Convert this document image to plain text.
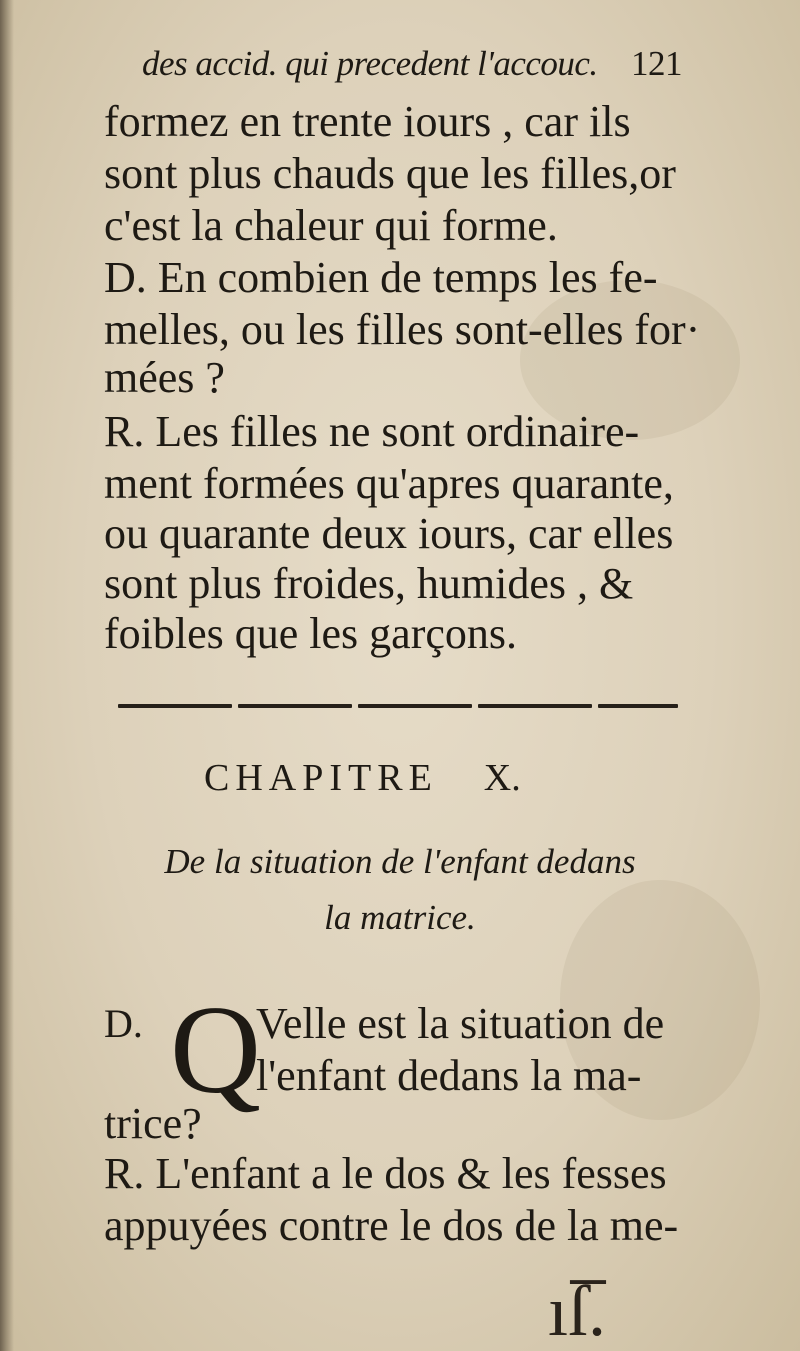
des accid. qui precedent l'accouc. 121
formez en trente iours , car ils
sont plus chauds que les filles,or
c'est la chaleur qui forme.
D. En combien de temps les fe-
melles, ou les filles sont-elles for·
mées ?
R. Les filles ne sont ordinaire-
ment formées qu'apres quarante,
ou quarante deux iours, car elles
sont plus froides, humides , &
foibles que les garçons.
CHAPITRE X.
De la situation de l'enfant dedans
la matrice.
D. Q
Velle est la situation de
l'enfant dedans la ma-
trice?
R. L'enfant a le dos & les fesses
appuyées contre le dos de la me-
ıſ̅.
